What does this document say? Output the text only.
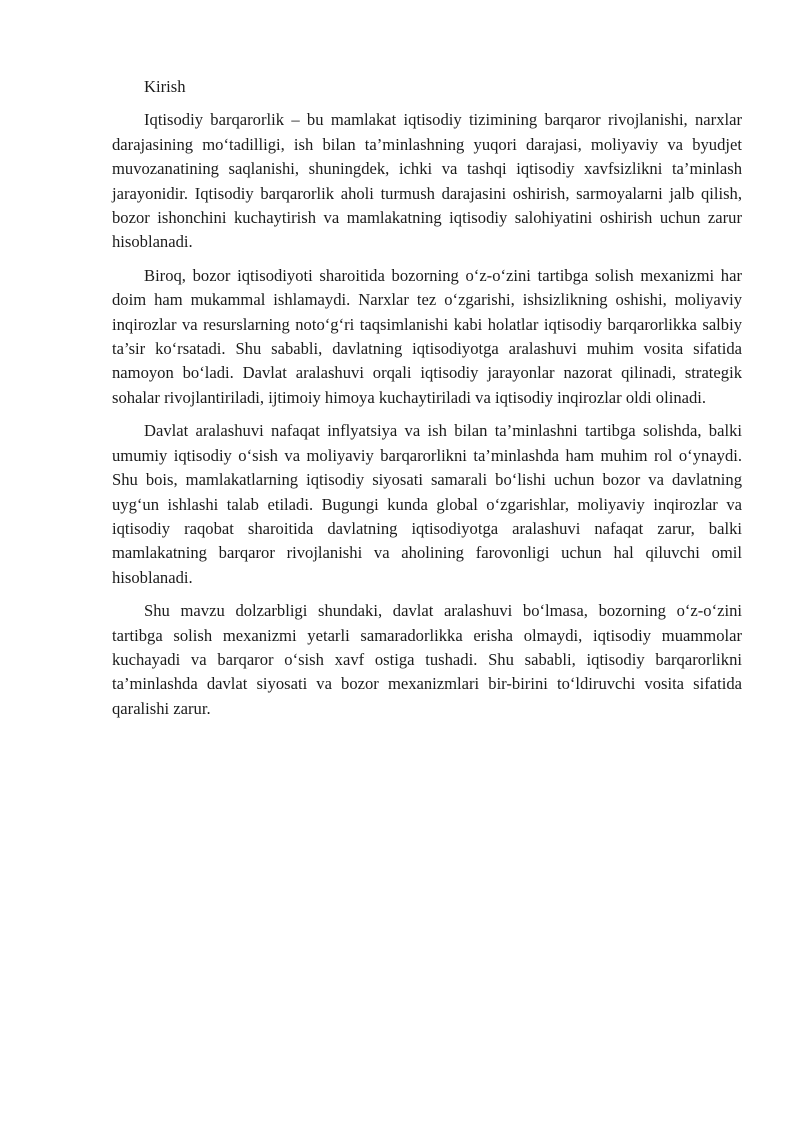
Kirish

Iqtisodiy barqarorlik – bu mamlakat iqtisodiy tizimining barqaror rivojlanishi, narxlar darajasining mo‘tadilligi, ish bilan ta’minlashning yuqori darajasi, moliyaviy va byudjet muvozanatining saqlanishi, shuningdek, ichki va tashqi iqtisodiy xavfsizlikni ta’minlash jarayonidir. Iqtisodiy barqarorlik aholi turmush darajasini oshirish, sarmoyalarni jalb qilish, bozor ishonchini kuchaytirish va mamlakatning iqtisodiy salohiyatini oshirish uchun zarur hisoblanadi.

Biroq, bozor iqtisodiyoti sharoitida bozorning o‘z-o‘zini tartibga solish mexanizmi har doim ham mukammal ishlamaydi. Narxlar tez o‘zgarishi, ishsizlikning oshishi, moliyaviy inqirozlar va resurslarning noto‘g‘ri taqsimlanishi kabi holatlar iqtisodiy barqarorlikka salbiy ta’sir ko‘rsatadi. Shu sababli, davlatning iqtisodiyotga aralashuvi muhim vosita sifatida namoyon bo‘ladi. Davlat aralashuvi orqali iqtisodiy jarayonlar nazorat qilinadi, strategik sohalar rivojlantiriladi, ijtimoiy himoya kuchaytiriladi va iqtisodiy inqirozlar oldi olinadi.

Davlat aralashuvi nafaqat inflyatsiya va ish bilan ta’minlashni tartibga solishda, balki umumiy iqtisodiy o‘sish va moliyaviy barqarorlikni ta’minlashda ham muhim rol o‘ynaydi. Shu bois, mamlakatlarning iqtisodiy siyosati samarali bo‘lishi uchun bozor va davlatning uyg‘un ishlashi talab etiladi. Bugungi kunda global o‘zgarishlar, moliyaviy inqirozlar va iqtisodiy raqobat sharoitida davlatning iqtisodiyotga aralashuvi nafaqat zarur, balki mamlakatning barqaror rivojlanishi va aholining farovonligi uchun hal qiluvchi omil hisoblanadi.

Shu mavzu dolzarbligi shundaki, davlat aralashuvi bo‘lmasa, bozorning o‘z-o‘zini tartibga solish mexanizmi yetarli samaradorlikka erisha olmaydi, iqtisodiy muammolar kuchayadi va barqaror o‘sish xavf ostiga tushadi. Shu sababli, iqtisodiy barqarorlikni ta’minlashda davlat siyosati va bozor mexanizmlari bir-birini to‘ldiruvchi vosita sifatida qaralishi zarur.
